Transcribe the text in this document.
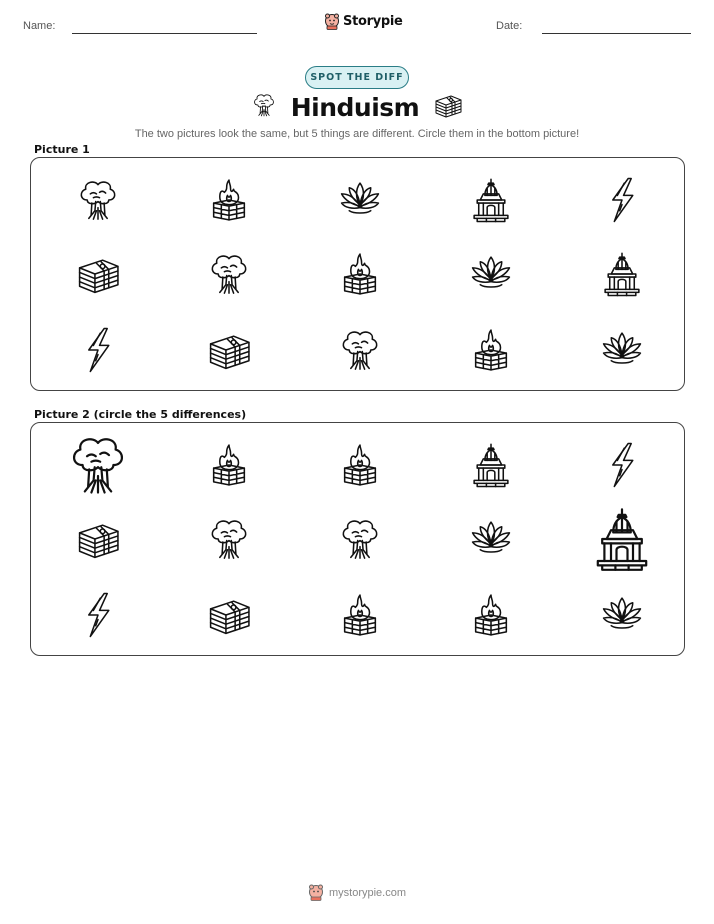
Name:	Storypie	Date:
SPOT THE DIFF
Hinduism
The two pictures look the same, but 5 things are different. Circle them in the bottom picture!
Picture 1
Picture 2 (circle the 5 differences)
mystorypie.com
